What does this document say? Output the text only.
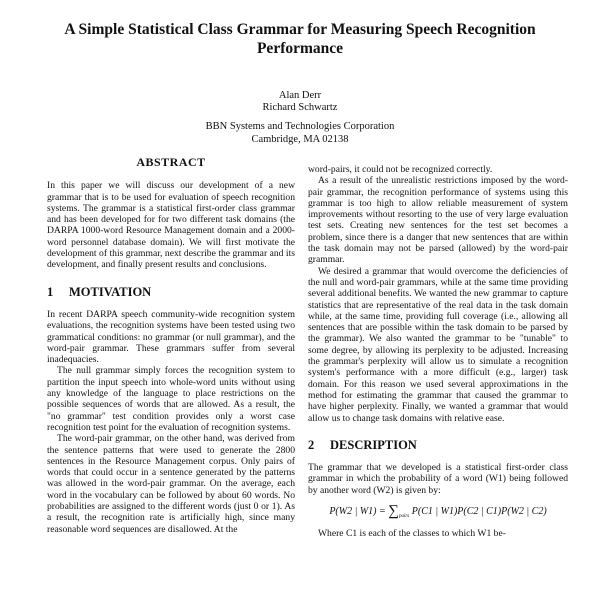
A Simple Statistical Class Grammar for Measuring Speech Recognition Performance
Alan Derr
Richard Schwartz
BBN Systems and Technologies Corporation
Cambridge, MA 02138
ABSTRACT

In this paper we will discuss our development of a new grammar that is to be used for evaluation of speech recognition systems. The grammar is a statistical first-order class grammar and has been developed for for two different task domains (the DARPA 1000-word Resource Management domain and a 2000-word personnel database domain). We will first motivate the development of this grammar, next describe the grammar and its development, and finally present results and conclusions.

1 MOTIVATION

In recent DARPA speech community-wide recognition system evaluations, the recognition systems have been tested using two grammatical conditions: no grammar (or null grammar), and the word-pair grammar. These grammars suffer from several inadequacies.

The null grammar simply forces the recognition system to partition the input speech into whole-word units without using any knowledge of the language to place restrictions on the possible sequences of words that are allowed. As a result, the "no grammar" test condition provides only a worst case recognition test point for the evaluation of recognition systems.

The word-pair grammar, on the other hand, was derived from the sentence patterns that were used to generate the 2800 sentences in the Resource Management corpus. Only pairs of words that could occur in a sentence generated by the patterns was allowed in the word-pair grammar. On the average, each word in the vocabulary can be followed by about 60 words. No probabilities are assigned to the different words (just 0 or 1). As a result, the recognition rate is artificially high, since many reasonable word sequences are disallowed. At the

word-pairs, it could not be recognized correctly.

As a result of the unrealistic restrictions imposed by the word-pair grammar, the recognition performance of systems using this grammar is too high to allow reliable measurement of system improvements without resorting to the use of very large evaluation test sets. Creating new sentences for the test set becomes a problem, since there is a danger that new sentences that are within the task domain may not be parsed (allowed) by the word-pair grammar.

We desired a grammar that would overcome the deficiencies of the null and word-pair grammars, while at the same time providing several additional benefits. We wanted the new grammar to capture statistics that are representative of the real data in the task domain while, at the same time, providing full coverage (i.e., allowing all sentences that are possible within the task domain to be parsed by the grammar). We also wanted the grammar to be "tunable" to some degree, by allowing its perplexity to be adjusted. Increasing the grammar's perplexity will allow us to simulate a recognition system's performance with a more difficult (e.g., larger) task domain. For this reason we used several approximations in the method for estimating the grammar that caused the grammar to have higher perplexity. Finally, we wanted a grammar that would allow us to change task domains with relative ease.

2 DESCRIPTION

The grammar that we developed is a statistical first-order class grammar in which the probability of a word (W1) being followed by another word (W2) is given by:

P(W2 | $W1) = \sum_{pairs}$ P(C1 | W1)P(C2 | C1)P(W2 | C2)

Where C1 is each of the classes to which W1 be-
